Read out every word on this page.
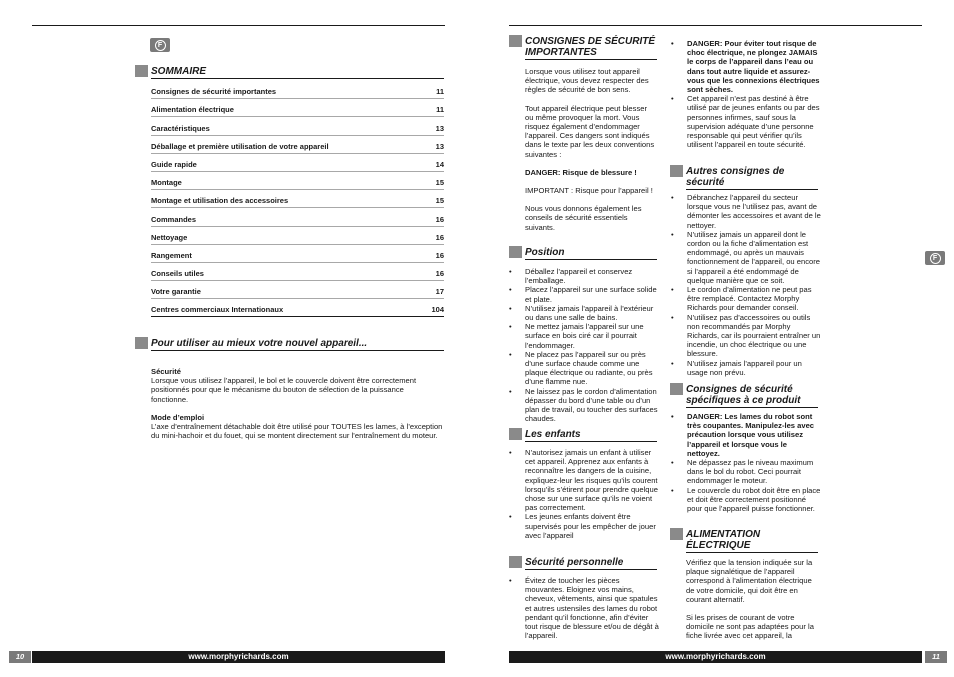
F
SOMMAIRE
Consignes de sécurité importantes	11
Alimentation électrique	11
Caractéristiques	13
Déballage et première utilisation de votre appareil	13
Guide rapide	14
Montage	15
Montage et utilisation des accessoires	15
Commandes	16
Nettoyage	16
Rangement	16
Conseils utiles	16
Votre garantie	17
Centres commerciaux Internationaux	104
Pour utiliser au mieux votre nouvel appareil...
Sécurité

Lorsque vous utilisez l’appareil, le bol et le couvercle doivent être correctement positionnés pour que le mécanisme du bouton de sélection de la puissance fonctionne.

Mode d’emploi

L’axe d’entraînement détachable doit être utilisé pour TOUTES les lames, à l’exception du mini-hachoir et du fouet, qui se montent directement sur l’entraînement du moteur.

10	www.morphyrichards.com
CONSIGNES DE SÉCURITÉ IMPORTANTES

Lorsque vous utilisez tout appareil électrique, vous devez respecter des règles de sécurité de bon sens.

Tout appareil électrique peut blesser ou même provoquer la mort. Vous risquez également d’endommager l’appareil. Ces dangers sont indiqués dans le texte par les deux conventions suivantes :

DANGER: Risque de blessure !

IMPORTANT : Risque pour l’appareil !

Nous vous donnons également les conseils de sécurité essentiels suivants.

Position
• Déballez l’appareil et conservez l’emballage.
• Placez l’appareil sur une surface solide et plate.
• N’utilisez jamais l’appareil à l’extérieur ou dans une salle de bains.
• Ne mettez jamais l’appareil sur une surface en bois ciré car il pourrait l’endommager.
• Ne placez pas l’appareil sur ou près d’une surface chaude comme une plaque électrique ou radiante, ou près d’une flamme nue.
• Ne laissez pas le cordon d’alimentation dépasser du bord d’une table ou d’un plan de travail, ou toucher des surfaces chaudes.
Les enfants
• N’autorisez jamais un enfant à utiliser cet appareil. Apprenez aux enfants à reconnaître les dangers de la cuisine, expliquez-leur les risques qu’ils courent lorsqu’ils s’étirent pour prendre quelque chose sur une surface qu’ils ne voient pas correctement.
• Les jeunes enfants doivent être supervisés pour les empêcher de jouer avec l’appareil
Sécurité personnelle
• Évitez de toucher les pièces mouvantes. Eloignez vos mains, cheveux, vêtements, ainsi que spatules et autres ustensiles des lames du robot pendant qu’il fonctionne, afin d’éviter tout risque de blessure et/ou de dégât à l’appareil.
• DANGER: Pour éviter tout risque de choc électrique, ne plongez JAMAIS le corps de l’appareil dans l’eau ou dans tout autre liquide et assurez-vous que les connexions électriques sont sèches.
• Cet appareil n’est pas destiné à être utilisé par de jeunes enfants ou par des personnes infirmes, sauf sous la supervision adéquate d’une personne responsable qui peut vérifier qu’ils utilisent l’appareil en toute sécurité.
Autres consignes de sécurité
• Débranchez l’appareil du secteur lorsque vous ne l’utilisez pas, avant de démonter les accessoires et avant de le nettoyer.
• N’utilisez jamais un appareil dont le cordon ou la fiche d’alimentation est endommagé, ou après un mauvais fonctionnement de l’appareil, ou encore si l’appareil a été endommagé de quelque manière que ce soit.
• Le cordon d’alimentation ne peut pas être remplacé. Contactez Morphy Richards pour demander conseil.
• N’utilisez pas d’accessoires ou outils non recommandés par Morphy Richards, car ils pourraient entraîner un incendie, un choc électrique ou une blessure.
• N’utilisez jamais l’appareil pour un usage non prévu.
Consignes de sécurité spécifiques à ce produit
• DANGER: Les lames du robot sont très coupantes. Manipulez-les avec précaution lorsque vous utilisez l’appareil et lorsque vous le nettoyez.
• Ne dépassez pas le niveau maximum dans le bol du robot. Ceci pourrait endommager le moteur.
• Le couvercle du robot doit être en place et doit être correctement positionné pour que l’appareil puisse fonctionner.
ALIMENTATION ÉLECTRIQUE

Vérifiez que la tension indiquée sur la plaque signalétique de l’appareil correspond à l’alimentation électrique de votre domicile, qui doit être en courant alternatif.

Si les prises de courant de votre domicile ne sont pas adaptées pour la fiche livrée avec cet appareil, la

F
www.morphyrichards.com	11
